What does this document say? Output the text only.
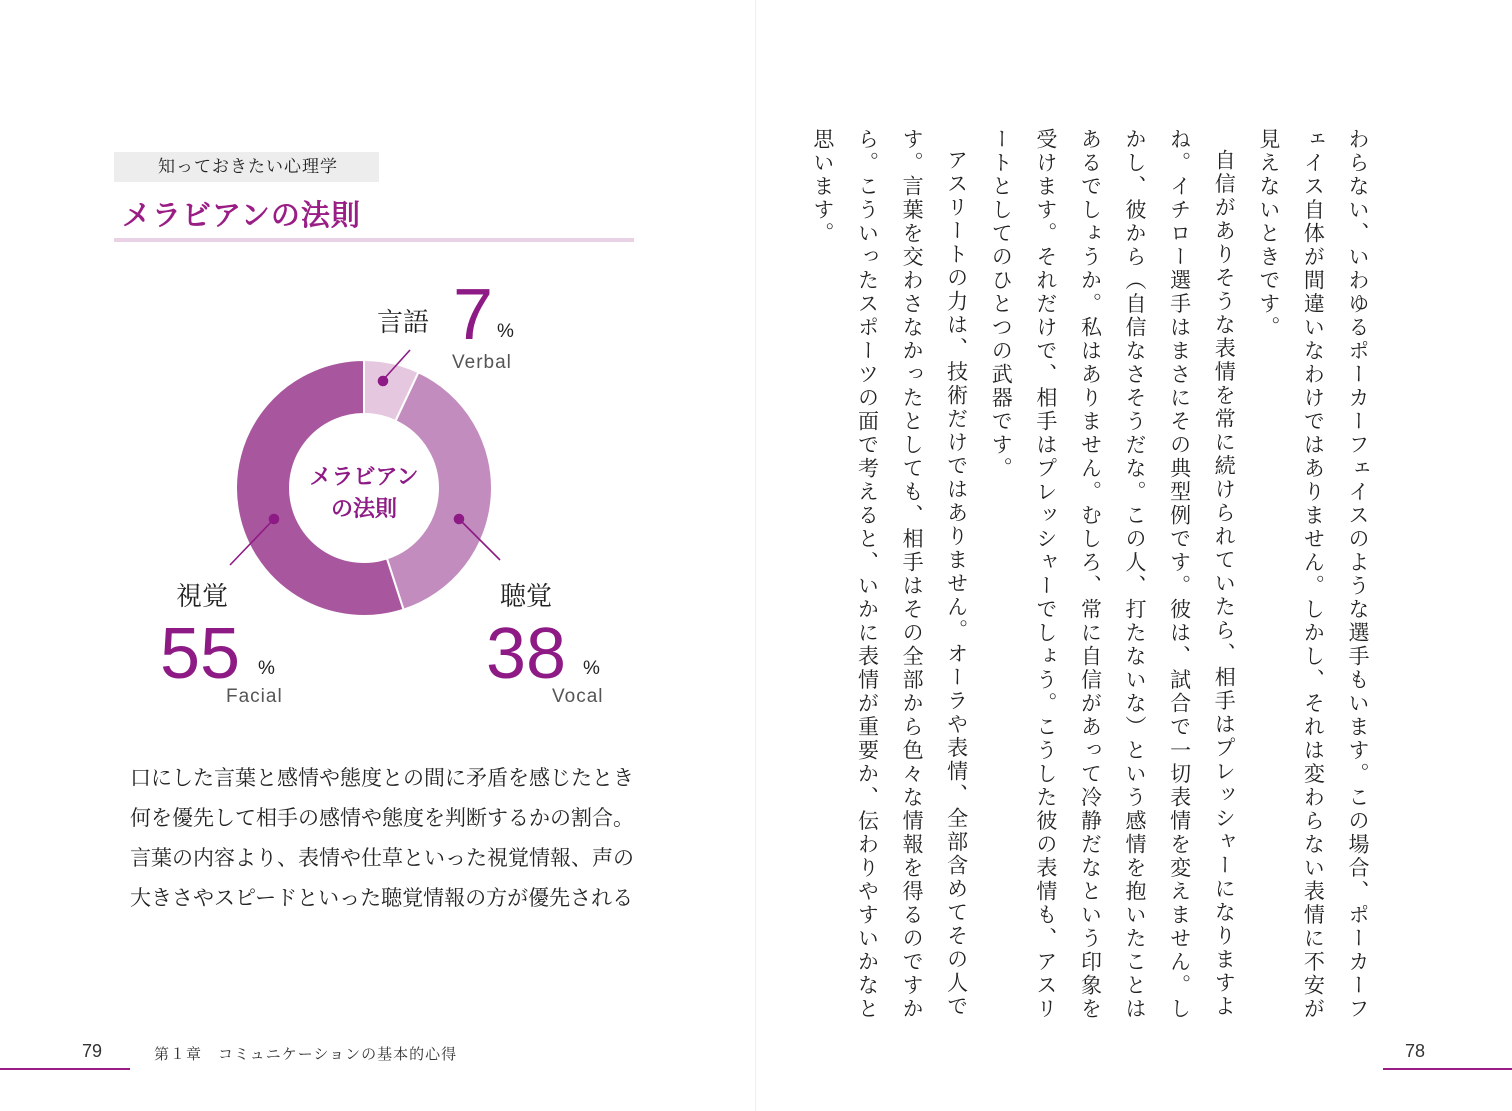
知っておきたい心理学
メラビアンの法則
メラビアン
の法則
言語 7 %
Verbal
聴覚
38 %
Vocal
視覚
55 %
Facial
口にした言葉と感情や態度との間に矛盾を感じたとき
何を優先して相手の感情や態度を判断するかの割合。
言葉の内容より、表情や仕草といった視覚情報、声の
大きさやスピードといった聴覚情報の方が優先される
79	第１章　コミュニケーションの基本的心得

わらない、いわゆるポーカーフェイスのような選手もいます。この場合、ポーカーフェイス自体が間違いなわけではありません。しかし、それは変わらない表情に不安が見えないときです。

自信がありそうな表情を常に続けられていたら、相手はプレッシャーになりますよね。イチロー選手はまさにその典型例です。彼は、試合で一切表情を変えません。しかし、彼から（自信なさそうだな。この人、打たないな）という感情を抱いたことはあるでしょうか。私はありません。むしろ、常に自信があって冷静だなという印象を受けます。それだけで、相手はプレッシャーでしょう。こうした彼の表情も、アスリートとしてのひとつの武器です。

アスリートの力は、技術だけではありません。オーラや表情、全部含めてその人です。言葉を交わさなかったとしても、相手はその全部から色々な情報を得るのですから。こういったスポーツの面で考えると、いかに表情が重要か、伝わりやすいかなと思います。

78
